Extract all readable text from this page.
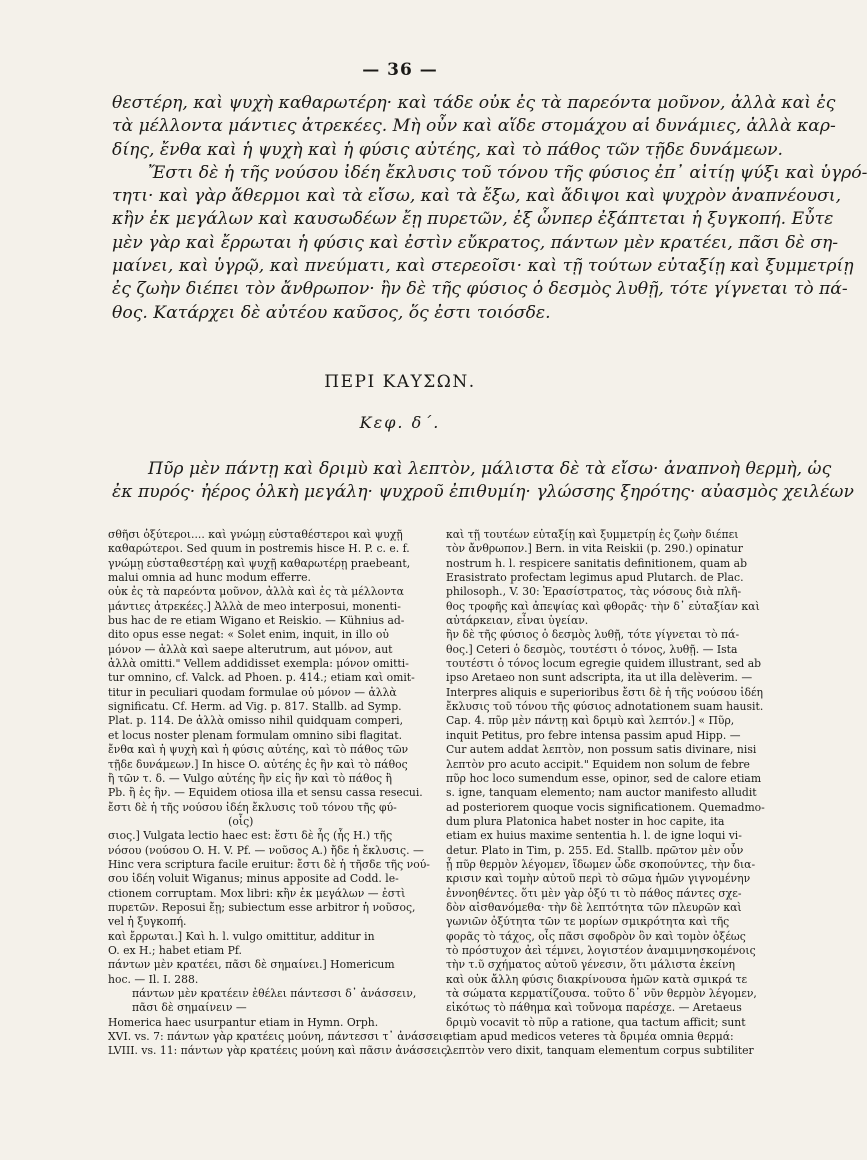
— 36 —
θεστέρη, καὶ ψυχὴ καθαρωτέρη· καὶ τάδε οὐκ ἐς τὰ παρεόντα μοῦνον, ἀλλὰ καὶ ἐς
τὰ μέλλοντα μάντιες ἀτρεκέες. Μὴ οὖν καὶ αἵδε στομάχου αἱ δυνάμιες, ἀλλὰ καρ-
δίης, ἔνθα καὶ ἡ ψυχὴ καὶ ἡ φύσις αὐτέης, καὶ τὸ πάθος τῶν τῇδε δυνάμεων.
Ἔστι δὲ ἡ τῆς νούσου ἰδέη ἔκλυσις τοῦ τόνου τῆς φύσιος ἐπ᾽ αἰτίῃ ψύξι καὶ ὑγρό-
τητι· καὶ γὰρ ἄθερμοι καὶ τὰ εἴσω, καὶ τὰ ἔξω, καὶ ἄδιψοι καὶ ψυχρὸν ἀναπνέουσι,
κἢν ἐκ μεγάλων καὶ καυσωδέων ἔῃ πυρετῶν, ἐξ ὧνπερ ἐξάπτεται ἡ ξυγκοπή. Εὖτε
μὲν γὰρ καὶ ἔρρωται ἡ φύσις καὶ ἐστὶν εὔκρατος, πάντων μὲν κρατέει, πᾶσι δὲ ση-
μαίνει, καὶ ὑγρῷ, καὶ πνεύματι, καὶ στερεοῖσι· καὶ τῇ τούτων εὐταξίῃ καὶ ξυμμετρίῃ
ἐς ζωὴν διέπει τὸν ἄνθρωπον· ἢν δὲ τῆς φύσιος ὁ δεσμὸς λυθῇ, τότε γίγνεται τὸ πά-
θος. Κατάρχει δὲ αὐτέου καῦσος, ὅς ἐστι τοιόσδε.
ΠΕΡΙ ΚΑΥΣΩΝ.
Κεφ. δ΄.
Πῦρ μὲν πάντῃ καὶ δριμὺ καὶ λεπτὸν, μάλιστα δὲ τὰ εἴσω· ἀναπνοὴ θερμὴ, ὡς
ἐκ πυρός· ἠέρος ὁλκὴ μεγάλη· ψυχροῦ ἐπιθυμίη· γλώσσης ξηρότης· αὐασμὸς χειλέων
σθῆσι ὀξύτεροι.... καὶ γνώμῃ εὐσταθέστεροι καὶ ψυχῇ
καθαρώτεροι. Sed quum in postremis hisce H. P. c. e. f.
γνώμῃ εὐσταθεστέρῃ καὶ ψυχῇ καθαρωτέρῃ praebeant,
malui omnia ad hunc modum efferre.
οὐκ ἐς τὰ παρεόντα μοῦνον, ἀλλὰ καὶ ἐς τὰ μέλλοντα
μάντιες ἀτρεκέες.] Ἀλλὰ de meo interposui, monenti-
bus hac de re etiam Wigano et Reiskio. — Kühnius ad-
dito opus esse negat: « Solet enim, inquit, in illo οὐ
μόνον — ἀλλὰ καὶ saepe alterutrum, aut μόνον, aut
ἀλλὰ omitti." Vellem addidisset exempla: μόνον omitti-
tur omnino, cf. Valck. ad Phoen. p. 414.; etiam καὶ omit-
titur in peculiari quodam formulae οὐ μόνον — ἀλλὰ
significatu. Cf. Herm. ad Vig. p. 817. Stallb. ad Symp.
Plat. p. 114. De ἀλλὰ omisso nihil quidquam comperi,
et locus noster plenam formulam omnino sibi flagitat.
ἔνθα καὶ ἡ ψυχὴ καὶ ἡ φύσις αὐτέης, καὶ τὸ πάθος τῶν
τῇδε δυνάμεων.] In hisce O. αὐτέης ἐς ἣν καὶ τὸ πάθος
ἢ τῶν τ. δ. — Vulgo αὐτέης ἣν εἰς ἣν καὶ τὸ πάθος ἢ
Pb. ἢ ἐς ἣν. — Equidem otiosa illa et sensu cassa resecui.
ἔστι δὲ ἡ τῆς νούσου ἰδέη ἔκλυσις τοῦ τόνου τῆς φύ-
(οἷς)
σιος.] Vulgata lectio haec est: ἔστι δὲ ἧς (ἧς H.) τῆς
νόσου (νούσου O. H. V. Pf. — νοῦσος A.) ἤδε ἡ ἔκλυσις. —
Hinc vera scriptura facile eruitur: ἔστι δὲ ἡ τῆσδε τῆς νού-
σου ἰδέη voluit Wiganus; minus apposite ad Codd. le-
ctionem corruptam. Mox libri: κἢν ἐκ μεγάλων — ἐστὶ
πυρετῶν. Reposui ἔῃ; subiectum esse arbitror ἡ νοῦσος,
vel ἡ ξυγκοπή.
καὶ ἔρρωται.] Καὶ h. l. vulgo omittitur, additur in
O. ex H.; habet etiam Pf.
πάντων μὲν κρατέει, πᾶσι δὲ σημαίνει.] Homericum
hoc. — Il. I. 288.
πάντων μὲν κρατέειν ἐθέλει πάντεσσι δ᾽ ἀνάσσειν,
πᾶσι δὲ σημαίνειν —
Homerica haec usurpantur etiam in Hymn. Orph.
XVI. vs. 7: πάντων γὰρ κρατέεις μούνη, πάντεσσι τ᾽ ἀνάσσεις.
LVIII. vs. 11: πάντων γὰρ κρατέεις μούνη καὶ πᾶσιν ἀνάσσεις.
καὶ τῇ τουτέων εὐταξίῃ καὶ ξυμμετρίῃ ἐς ζωὴν διέπει
τὸν ἄνθρωπον.] Bern. in vita Reiskii (p. 290.) opinatur
nostrum h. l. respicere sanitatis definitionem, quam ab
Erasistrato profectam legimus apud Plutarch. de Plac.
philosoph., V. 30: Ἐρασίστρατος, τὰς νόσους διὰ πλῆ-
θος τροφῆς καὶ ἀπεψίας καὶ φθορᾶς· τὴν δ᾽ εὐταξίαν καὶ
αὐτάρκειαν, εἶναι ὑγείαν.
ἢν δὲ τῆς φύσιος ὁ δεσμὸς λυθῇ, τότε γίγνεται τὸ πά-
θος.] Ceteri ὁ δεσμὸς, τουτέστι ὁ τόνος, λυθῇ. — Ista
τουτέστι ὁ τόνος locum egregie quidem illustrant, sed ab
ipso Aretaeo non sunt adscripta, ita ut illa delèverim. —
Interpres aliquis e superioribus ἔστι δὲ ἡ τῆς νούσου ἰδέη
ἔκλυσις τοῦ τόνου τῆς φύσιος adnotationem suam hausit.
Cap. 4. πῦρ μὲν πάντῃ καὶ δριμὺ καὶ λεπτόν.] « Πῦρ,
inquit Petitus, pro febre intensa passim apud Hipp. —
Cur autem addat λεπτὸν, non possum satis divinare, nisi
λεπτὸν pro acuto accipit." Equidem non solum de febre
πῦρ hoc loco sumendum esse, opinor, sed de calore etiam
s. igne, tanquam elemento; nam auctor manifesto alludit
ad posteriorem quoque vocis significationem. Quemadmo-
dum plura Platonica habet noster in hoc capite, ita
etiam ex huius maxime sententia h. l. de igne loqui vi-
detur. Plato in Tim, p. 255. Ed. Stallb. πρῶτον μὲν οὖν
ᾗ πῦρ θερμὸν λέγομεν, ἴδωμεν ὧδε σκοπούντες, τὴν δια-
κρισιν καὶ τομὴν αὐτοῦ περὶ τὸ σῶμα ἡμῶν γιγνομένην
ἐννοηθέντες. ὅτι μὲν γὰρ ὀξύ τι τὸ πάθος πάντες σχε-
δὸν αἰσθανόμεθα· τὴν δὲ λεπτότητα τῶν πλευρῶν καὶ
γωνιῶν ὀξύτητα τῶν τε μορίων σμικρότητα καὶ τῆς
φορᾶς τὸ τάχος, οἷς πᾶσι σφοδρὸν ὂν καὶ τομὸν ὀξέως
τὸ πρόστυχον ἀεὶ τέμνει, λογιστέον ἀναμιμνησκομένοις
τὴν τ.ῦ σχήματος αὐτοῦ γένεσιν, ὅτι μάλιστα ἐκείνη
καὶ οὐκ ἄλλη φύσις διακρίνουσα ἡμῶν κατὰ σμικρά τε
τὰ σώματα κερματίζουσα. τοῦτο δ᾽ νῦν θερμὸν λέγομεν,
εἰκότως τὸ πάθημα καὶ τοὔνομα παρέσχε. — Aretaeus
δριμὺ vocavit τὸ πῦρ a ratione, qua tactum afficit; sunt
etiam apud medicos veteres τὰ δριμέα omnia θερμά:
λεπτὸν vero dixit, tanquam elementum corpus subtiliter
